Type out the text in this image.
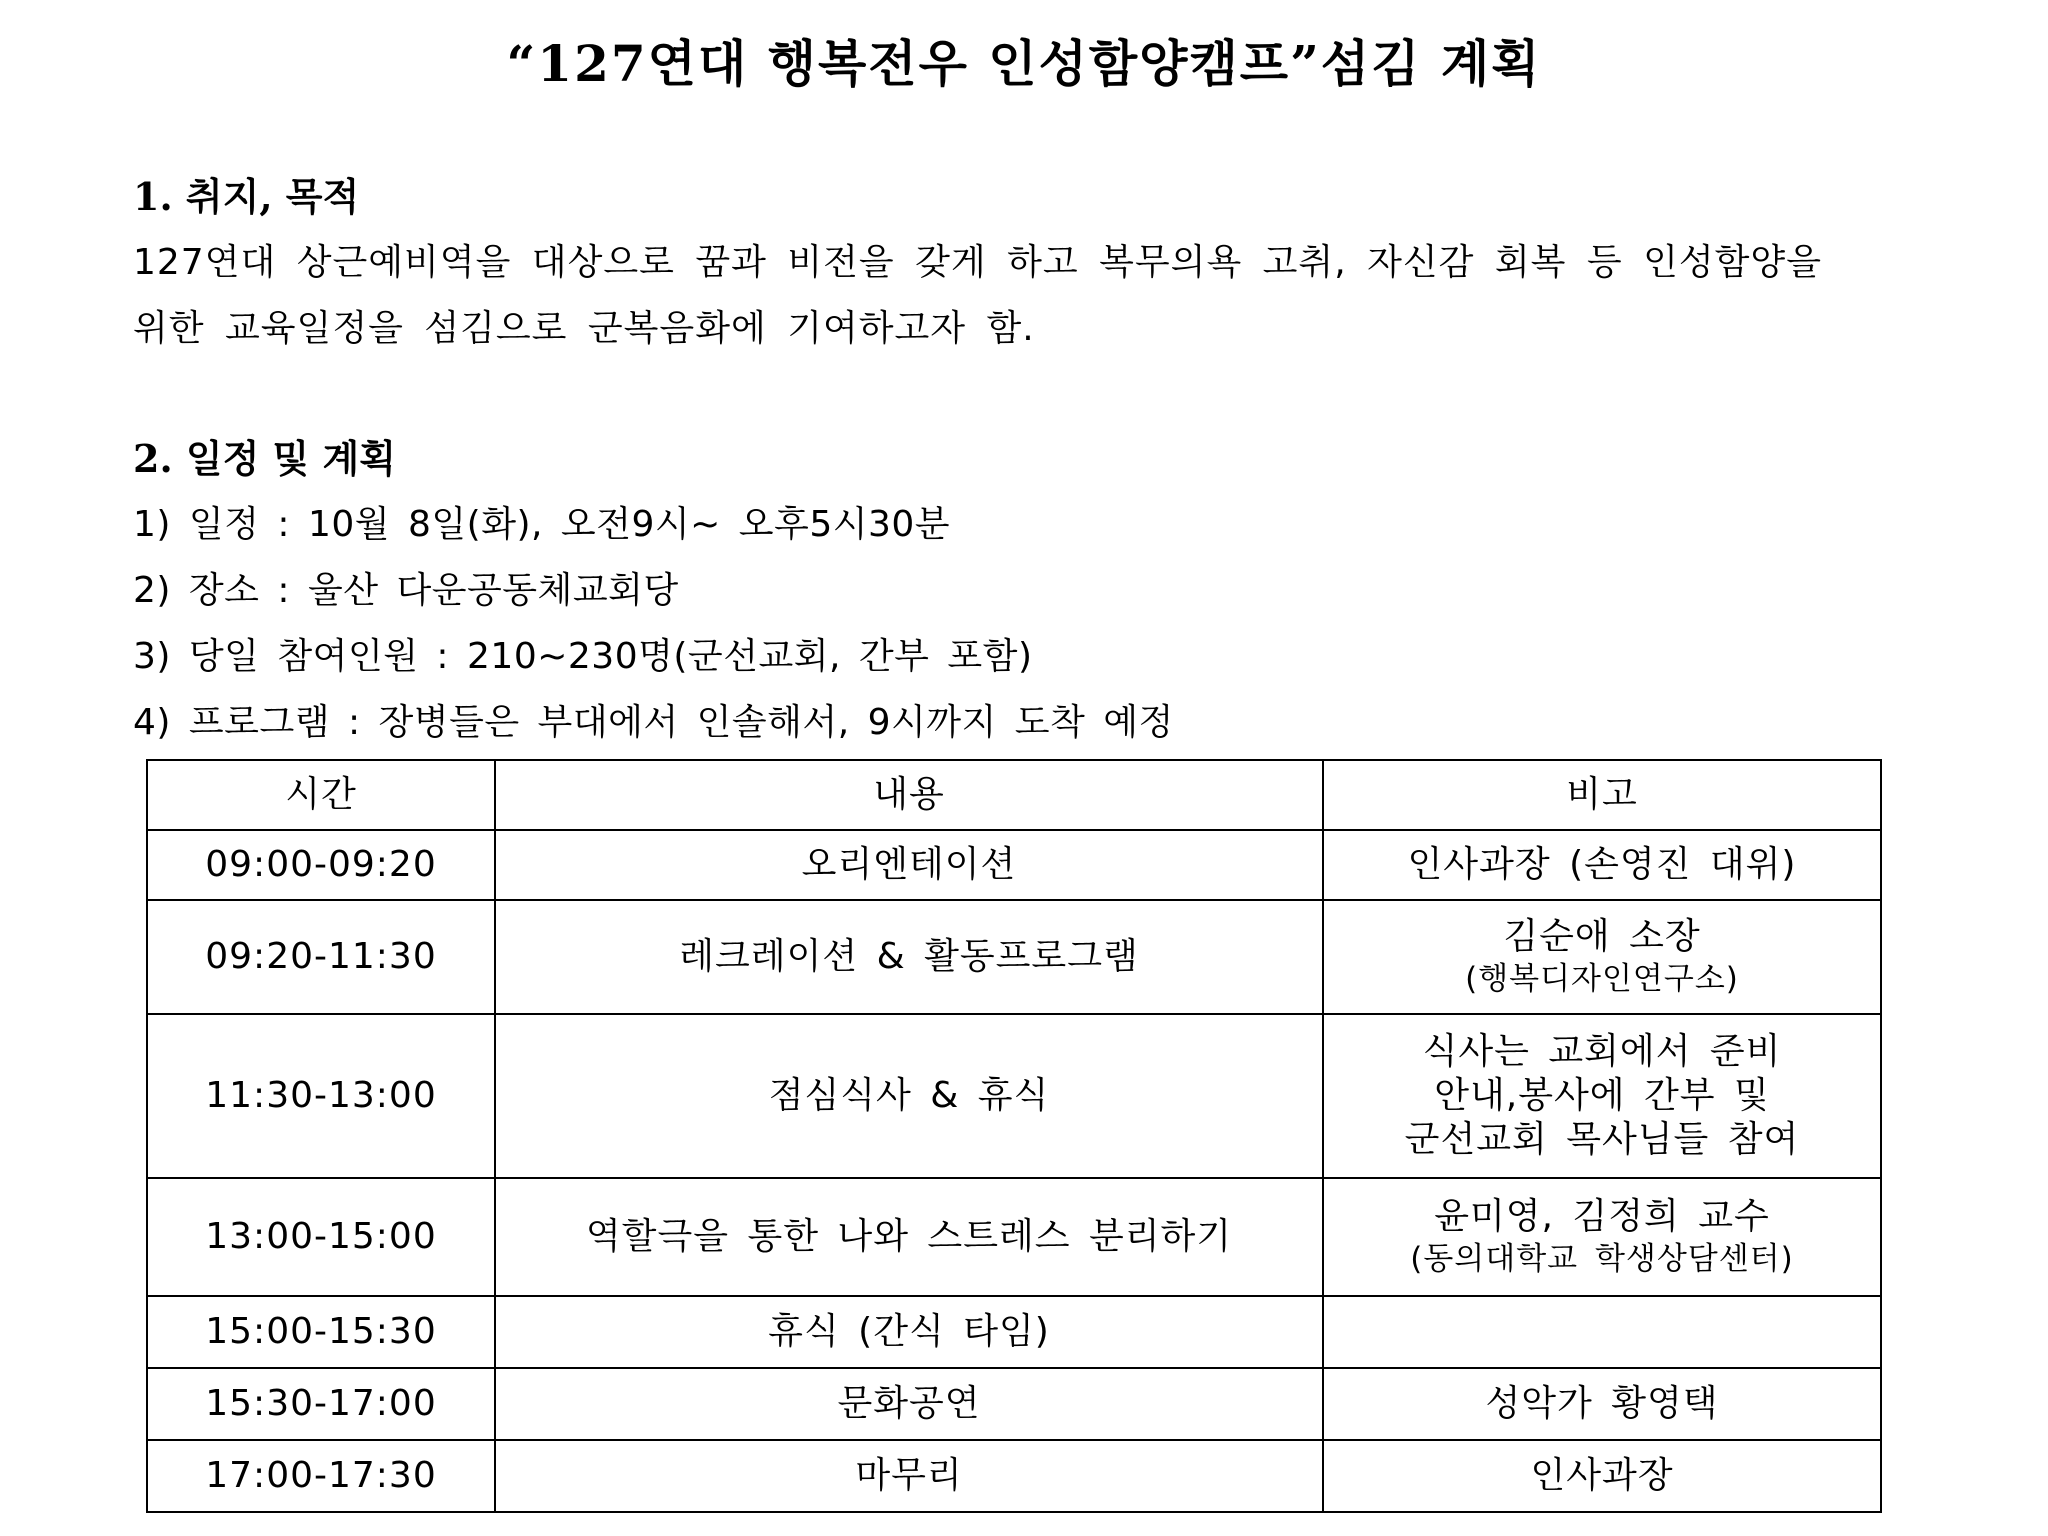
“127연대 행복전우 인성함양캠프”섬김 계획
1. 취지, 목적
127연대 상근예비역을 대상으로 꿈과 비전을 갖게 하고 복무의욕 고취, 자신감 회복 등 인성함양을
위한 교육일정을 섬김으로 군복음화에 기여하고자 함.
2. 일정 및 계획
1) 일정 : 10월 8일(화), 오전9시~ 오후5시30분
2) 장소 : 울산 다운공동체교회당
3) 당일 참여인원 : 210~230명(군선교회, 간부 포함)
4) 프로그램 : 장병들은 부대에서 인솔해서, 9시까지 도착 예정
시간	내용	비고
09:00-09:20	오리엔테이션	인사과장 (손영진 대위)

09:20-11:30	레크레이션 & 활동프로그램	김순애 소장
(행복디자인연구소)

11:30-13:00	점심식사 & 휴식	식사는 교회에서 준비
안내,봉사에 간부 및
군선교회 목사님들 참여

13:00-15:00	역할극을 통한 나와 스트레스 분리하기	윤미영, 김정희 교수
(동의대학교 학생상담센터)

15:00-15:30	휴식 (간식 타임)	
15:30-17:00	문화공연	성악가 황영택

17:00-17:30	마무리	인사과장
